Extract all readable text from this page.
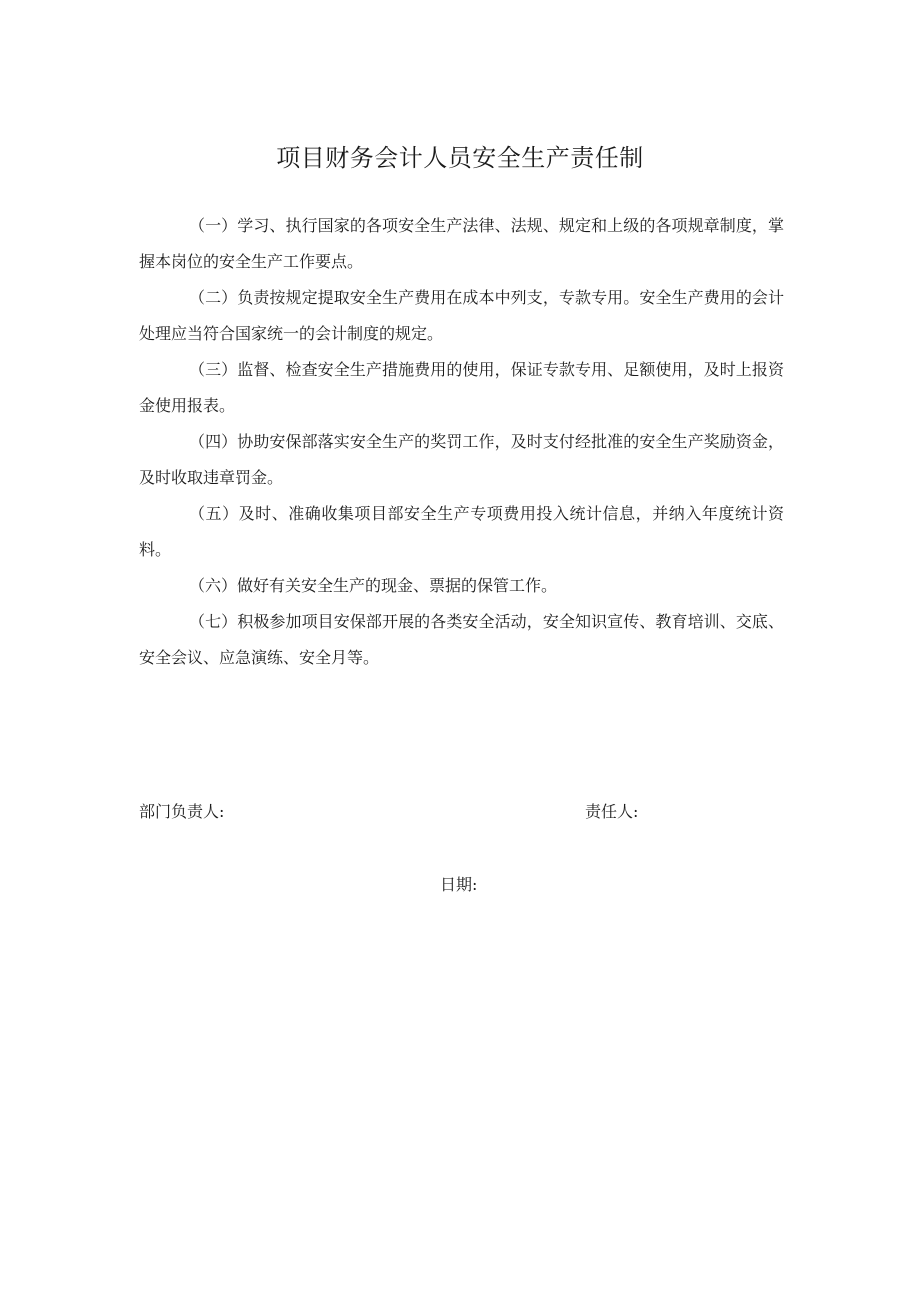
项目财务会计人员安全生产责任制

（一）学习、执行国家的各项安全生产法律、法规、规定和上级的各项规章制度，掌握本岗位的安全生产工作要点。

（二）负责按规定提取安全生产费用在成本中列支，专款专用。安全生产费用的会计处理应当符合国家统一的会计制度的规定。

（三）监督、检查安全生产措施费用的使用，保证专款专用、足额使用，及时上报资金使用报表。

（四）协助安保部落实安全生产的奖罚工作，及时支付经批准的安全生产奖励资金，及时收取违章罚金。

（五）及时、准确收集项目部安全生产专项费用投入统计信息，并纳入年度统计资料。

（六）做好有关安全生产的现金、票据的保管工作。

（七）积极参加项目安保部开展的各类安全活动，安全知识宣传、教育培训、交底、安全会议、应急演练、安全月等。

部门负责人:	责任人:
日期:
